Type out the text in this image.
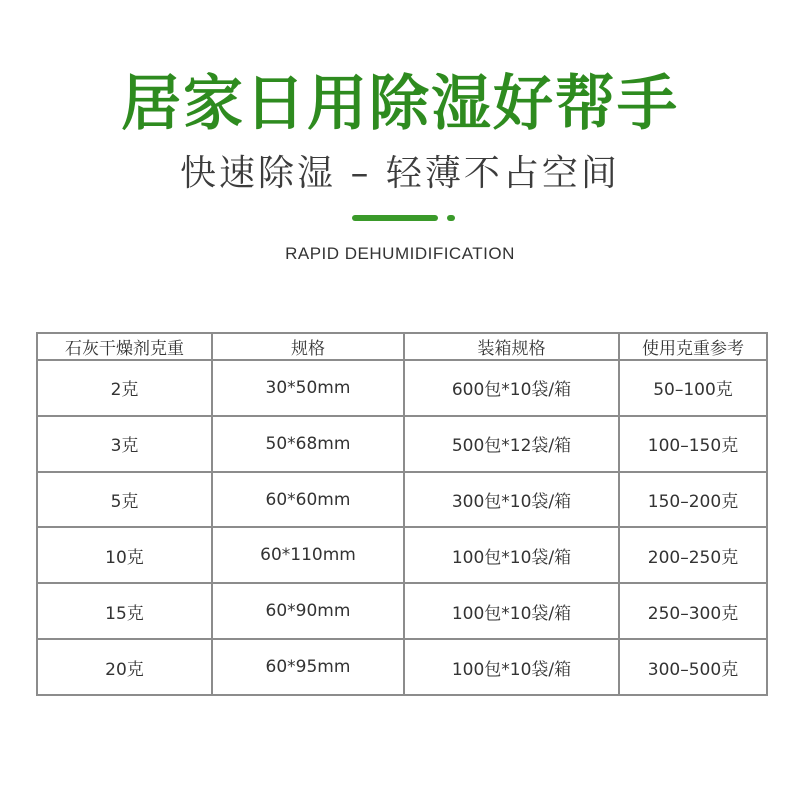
居家日用除湿好帮手
快速除湿 – 轻薄不占空间
RAPID DEHUMIDIFICATION
石灰干燥剂克重	规格	装箱规格	使用克重参考
2克	30*50mm	600包*10袋/箱	50–100克
3克	50*68mm	500包*12袋/箱	100–150克
5克	60*60mm	300包*10袋/箱	150–200克
10克	60*110mm	100包*10袋/箱	200–250克
15克	60*90mm	100包*10袋/箱	250–300克
20克	60*95mm	100包*10袋/箱	300–500克
